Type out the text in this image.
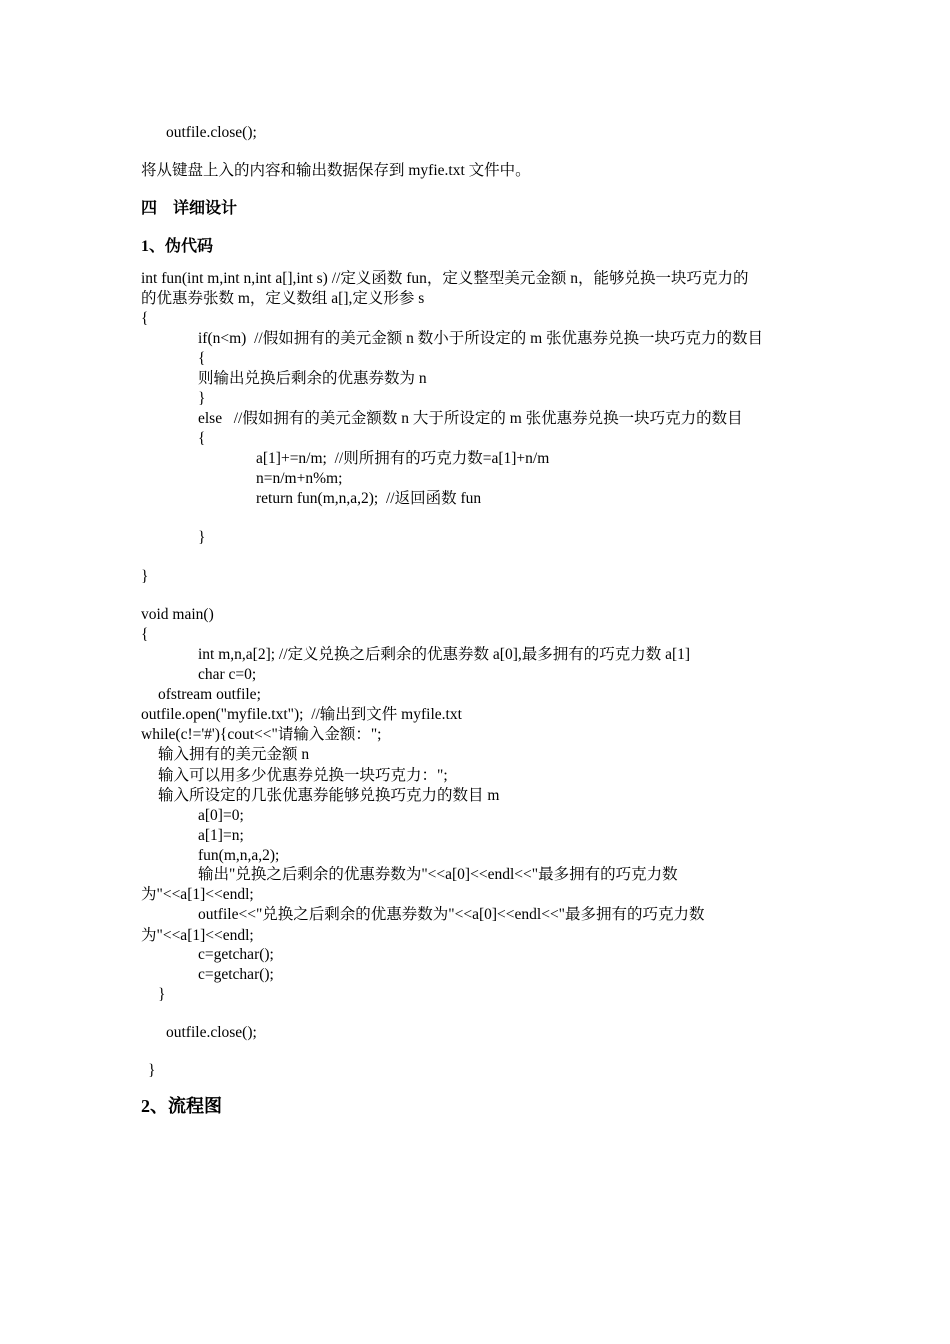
outfile.close();
将从键盘上入的内容和输出数据保存到 myfie.txt 文件中。
四    详细设计
1、伪代码
int fun(int m,int n,int a[],int s) //定义函数 fun，定义整型美元金额 n，能够兑换一块巧克力的
的优惠券张数 m，定义数组 a[],定义形参 s
{
if(n<m)  //假如拥有的美元金额 n 数小于所设定的 m 张优惠券兑换一块巧克力的数目
{
则输出兑换后剩余的优惠券数为 n
}
else   //假如拥有的美元金额数 n 大于所设定的 m 张优惠券兑换一块巧克力的数目
{
a[1]+=n/m;  //则所拥有的巧克力数=a[1]+n/m
n=n/m+n%m;
return fun(m,n,a,2);  //返回函数 fun
}
}
void main()
{
int m,n,a[2]; //定义兑换之后剩余的优惠券数 a[0],最多拥有的巧克力数 a[1]
char c=0;
ofstream outfile;
outfile.open("myfile.txt");  //输出到文件 myfile.txt
while(c!='#'){cout<<"请输入金额：";
输入拥有的美元金额 n
输入可以用多少优惠券兑换一块巧克力：";
输入所设定的几张优惠券能够兑换巧克力的数目 m
a[0]=0;
a[1]=n;
fun(m,n,a,2);
输出"兑换之后剩余的优惠券数为"<<a[0]<<endl<<"最多拥有的巧克力数
为"<<a[1]<<endl;
outfile<<"兑换之后剩余的优惠券数为"<<a[0]<<endl<<"最多拥有的巧克力数
为"<<a[1]<<endl;
c=getchar();
c=getchar();
}
outfile.close();
}
2、流程图
